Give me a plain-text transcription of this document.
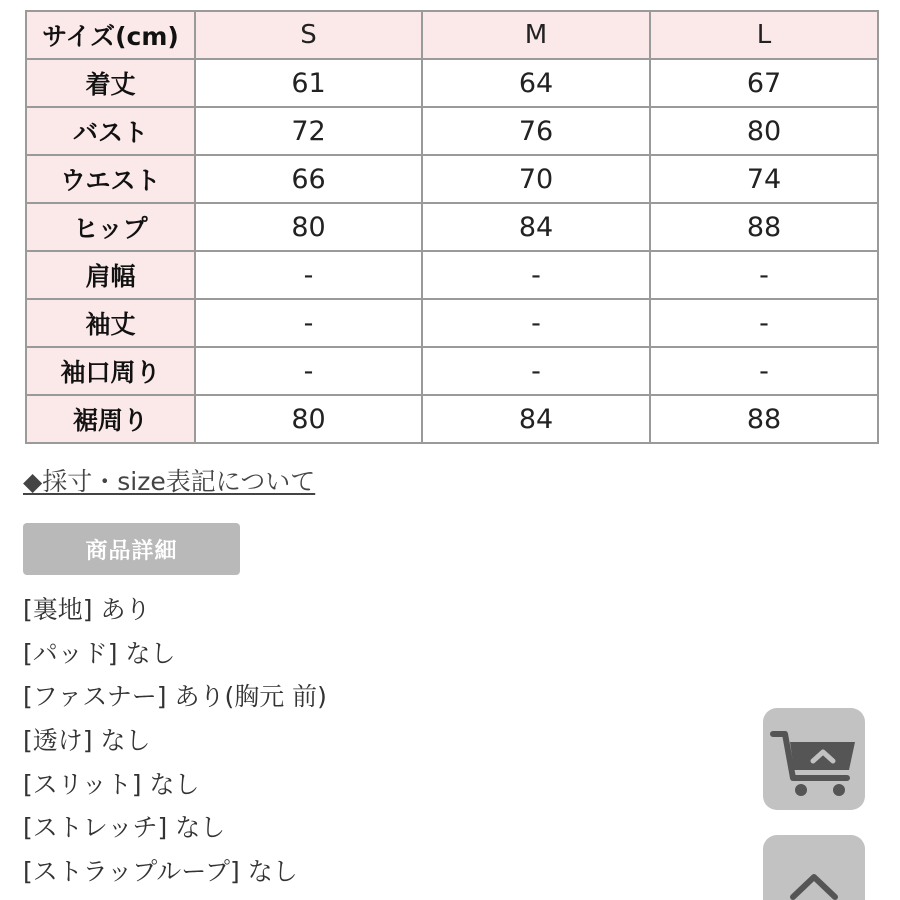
サイズ(cm)	S	M	L
着丈	61	64	67
バスト	72	76	80
ウエスト	66	70	74
ヒップ	80	84	88
肩幅	-	-	-
袖丈	-	-	-
袖口周り	-	-	-
裾周り	80	84	88
◆採寸・size表記について
商品詳細
[裏地] あり
[パッド] なし
[ファスナー] あり(胸元 前)
[透け] なし
[スリット] なし
[ストレッチ] なし
[ストラップループ] なし
